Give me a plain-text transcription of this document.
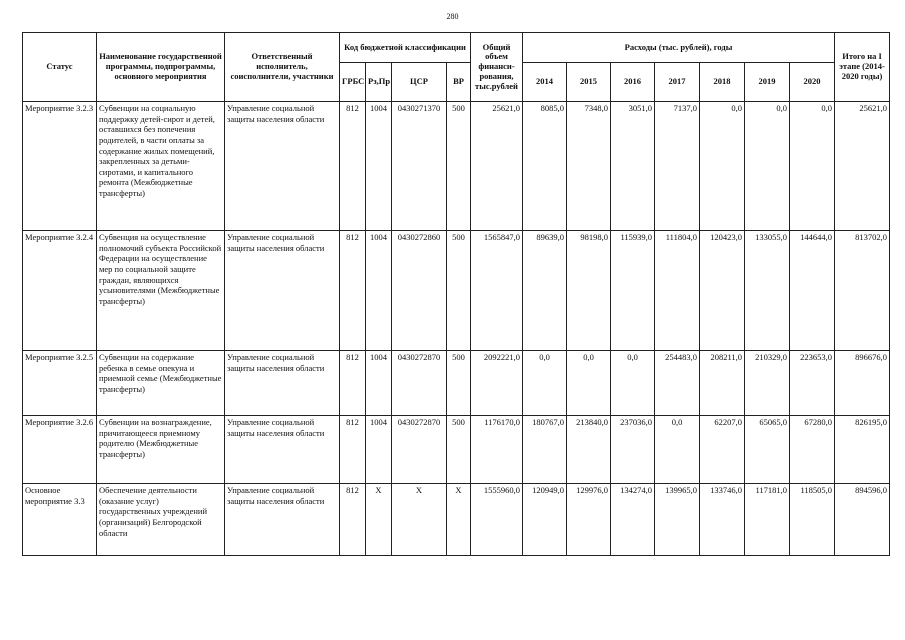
280
Статус	Наименование государственной программы, подпрограммы, основного мероприятия	Ответственный исполнитель, соисполнители, участники	Код бюджетной классификации				Общий объем финанси-рования, тыс.рублей	Расходы (тыс. рублей), годы							Итого на I этапе (2014-2020 годы)
			ГРБС	Рз,Пр	ЦСР	ВР		2014	2015	2016	2017	2018	2019	2020	
Мероприятие 3.2.3	Субвенции на социальную поддержку детей-сирот и детей, оставшихся без попечения родителей, в части оплаты за содержание жилых помещений, закрепленных за детьми-сиротами, и капитального ремонта (Межбюджетные трансферты)	Управление социальной защиты населения области	812	1004	0430271370	500	25621,0	8085,0	7348,0	3051,0	7137,0	0,0	0,0	0,0	25621,0
Мероприятие 3.2.4	Субвенция на осуществление полномочий субъекта Российской Федерации на осуществление мер по социальной защите граждан, являющихся усыновителями (Межбюджетные трансферты)	Управление социальной защиты населения области	812	1004	0430272860	500	1565847,0	89639,0	98198,0	115939,0	111804,0	120423,0	133055,0	144644,0	813702,0
Мероприятие 3.2.5	Субвенции на содержание ребенка в семье опекуна и приемной семье (Межбюджетные трансферты)	Управление социальной защиты населения области	812	1004	0430272870	500	2092221,0	0,0	0,0	0,0	254483,0	208211,0	210329,0	223653,0	896676,0
Мероприятие 3.2.6	Субвенции на вознаграждение, причитающееся приемному родителю (Межбюджетные трансферты)	Управление социальной защиты населения области	812	1004	0430272870	500	1176170,0	180767,0	213840,0	237036,0	0,0	62207,0	65065,0	67280,0	826195,0
Основное мероприятие 3.3	Обеспечение деятельности (оказание услуг) государственных учреждений (организаций) Белгородской области	Управление социальной защиты населения области	812	Х	Х	Х	1555960,0	120949,0	129976,0	134274,0	139965,0	133746,0	117181,0	118505,0	894596,0
